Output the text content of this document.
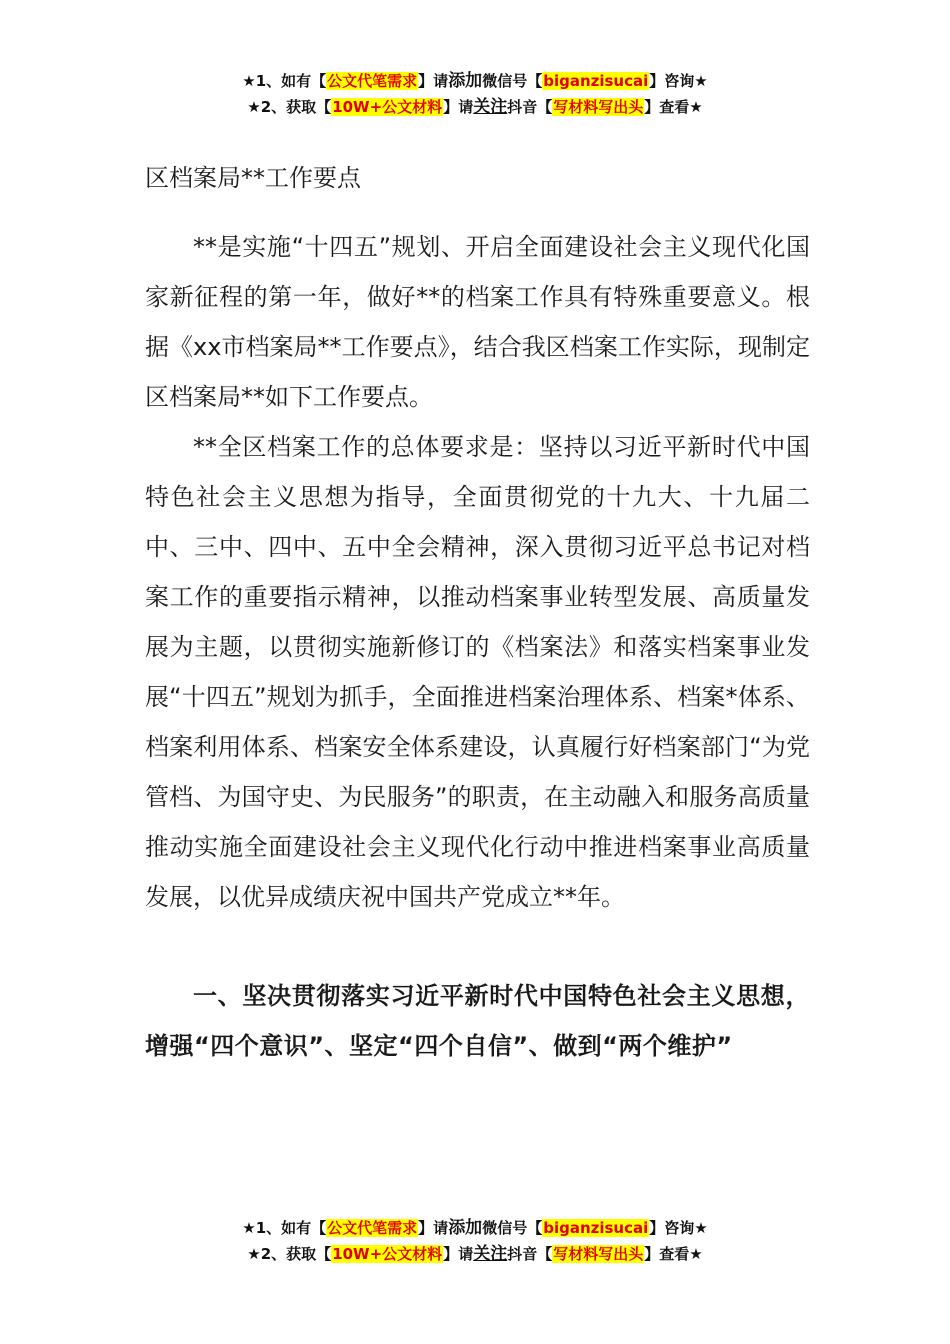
★1、如有【公文代笔需求】请添加微信号【biganzisucai】咨询★
★2、获取【10W+公文材料】请关注抖音【写材料写出头】查看★
区档案局**工作要点

**是实施“十四五”规划、开启全面建设社会主义现代化国家新征程的第一年，做好**的档案工作具有特殊重要意义。根据《xx市档案局**工作要点》，结合我区档案工作实际，现制定区档案局**如下工作要点。

**全区档案工作的总体要求是：坚持以习近平新时代中国特色社会主义思想为指导，全面贯彻党的十九大、十九届二中、三中、四中、五中全会精神，深入贯彻习近平总书记对档案工作的重要指示精神，以推动档案事业转型发展、高质量发展为主题，以贯彻实施新修订的《档案法》和落实档案事业发展“十四五”规划为抓手，全面推进档案治理体系、档案*体系、档案利用体系、档案安全体系建设，认真履行好档案部门“为党管档、为国守史、为民服务”的职责，在主动融入和服务高质量推动实施全面建设社会主义现代化行动中推进档案事业高质量发展，以优异成绩庆祝中国共产党成立**年。

一、坚决贯彻落实习近平新时代中国特色社会主义思想，增强“四个意识”、坚定“四个自信”、做到“两个维护”

★1、如有【公文代笔需求】请添加微信号【biganzisucai】咨询★
★2、获取【10W+公文材料】请关注抖音【写材料写出头】查看★
